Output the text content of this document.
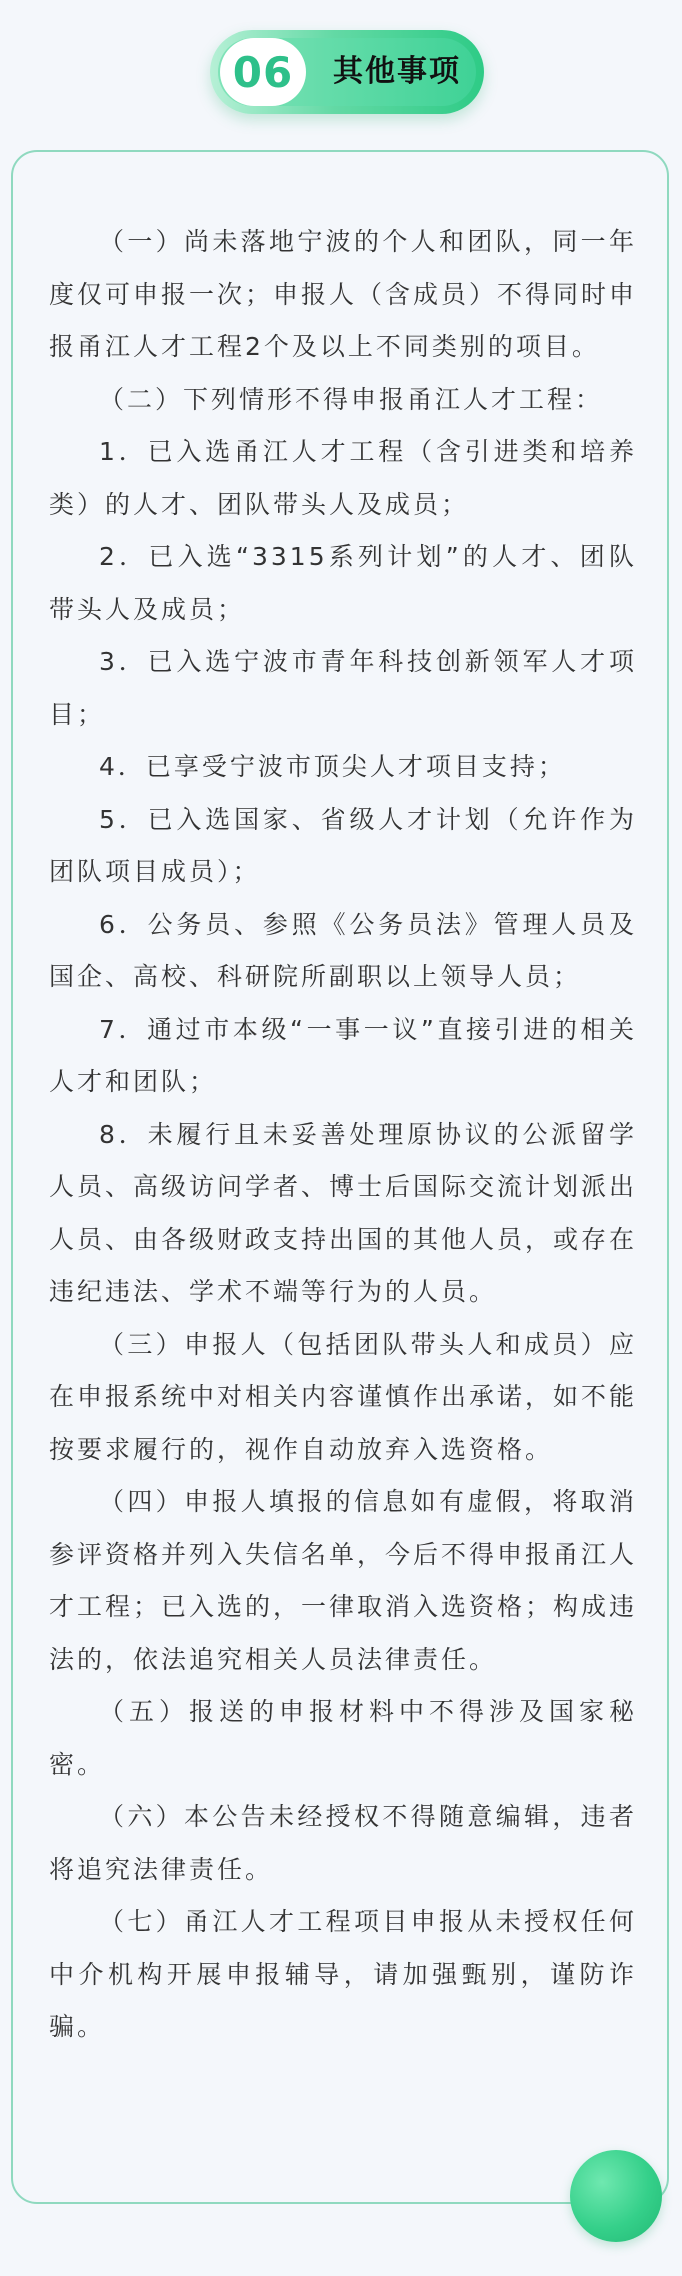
06	其他事项

（一）尚未落地宁波的个人和团队，同一年度仅可申报一次；申报人（含成员）不得同时申报甬江人才工程2个及以上不同类别的项目。

（二）下列情形不得申报甬江人才工程：

1．已入选甬江人才工程（含引进类和培养类）的人才、团队带头人及成员；

2．已入选“3315系列计划”的人才、团队带头人及成员；

3．已入选宁波市青年科技创新领军人才项目；

4．已享受宁波市顶尖人才项目支持；

5．已入选国家、省级人才计划（允许作为团队项目成员）；

6．公务员、参照《公务员法》管理人员及国企、高校、科研院所副职以上领导人员；

7．通过市本级“一事一议”直接引进的相关人才和团队；

8．未履行且未妥善处理原协议的公派留学人员、高级访问学者、博士后国际交流计划派出人员、由各级财政支持出国的其他人员，或存在违纪违法、学术不端等行为的人员。

（三）申报人（包括团队带头人和成员）应在申报系统中对相关内容谨慎作出承诺，如不能按要求履行的，视作自动放弃入选资格。

（四）申报人填报的信息如有虚假，将取消参评资格并列入失信名单，今后不得申报甬江人才工程；已入选的，一律取消入选资格；构成违法的，依法追究相关人员法律责任。

（五）报送的申报材料中不得涉及国家秘密。

（六）本公告未经授权不得随意编辑，违者将追究法律责任。

（七）甬江人才工程项目申报从未授权任何中介机构开展申报辅导，请加强甄别，谨防诈骗。
